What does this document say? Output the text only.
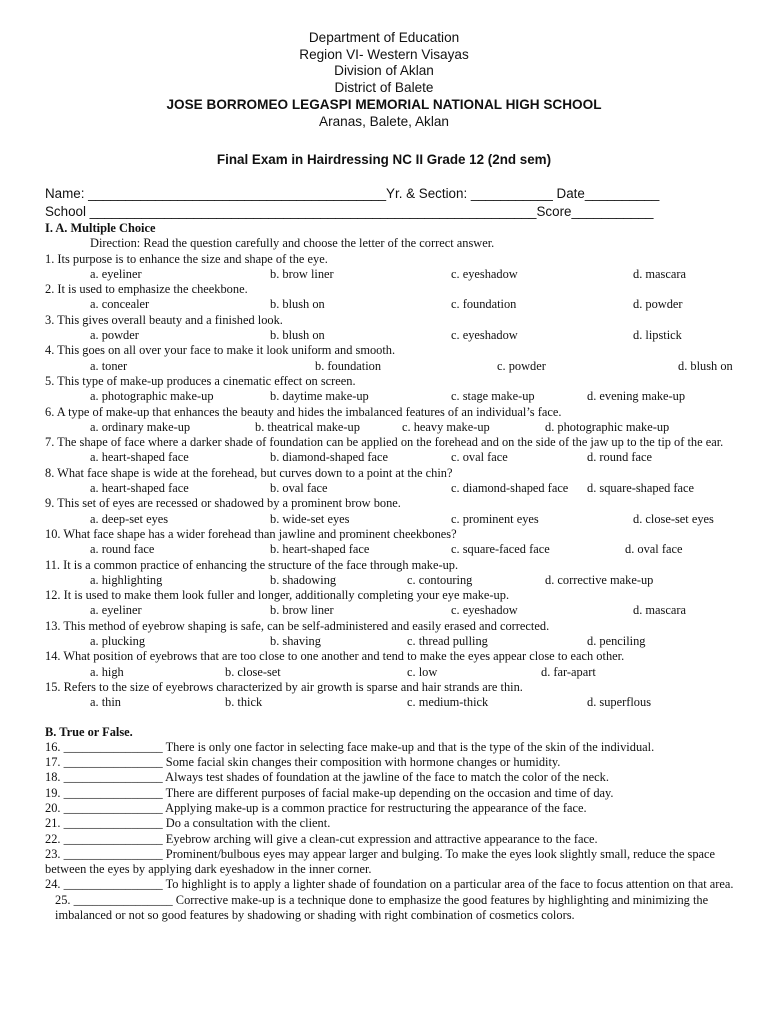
Department of Education
Region VI- Western Visayas
Division of Aklan
District of Balete
JOSE BORROMEO LEGASPI MEMORIAL NATIONAL HIGH SCHOOL
Aranas, Balete, Aklan
Final Exam in Hairdressing NC II Grade 12 (2nd sem)
Name: ________________________________________Yr. & Section: ___________ Date__________
School ____________________________________________________________Score___________
I. A. Multiple Choice
Direction: Read the question carefully and choose the letter of the correct answer.
1. Its purpose is to enhance the size and shape of the eye.
a. eyeliner	b. brow liner	c. eyeshadow	d. mascara
2. It is used to emphasize the cheekbone.
a. concealer	b. blush on	c. foundation	d. powder
3. This gives overall beauty and a finished look.
a. powder	b. blush on	c. eyeshadow	d. lipstick
4. This goes on all over your face to make it look uniform and smooth.
a. toner	b. foundation	c. powder	d. blush on
5. This type of make-up produces a cinematic effect on screen.
a. photographic make-up	b. daytime make-up	c. stage make-up	d. evening make-up
6. A type of make-up that enhances the beauty and hides the imbalanced features of an individual’s face.
a. ordinary make-up	b. theatrical make-up	c. heavy make-up	d. photographic make-up
7. The shape of face where a darker shade of foundation can be applied on the forehead and on the side of the jaw up to the tip of the ear.
a. heart-shaped face	b. diamond-shaped face	c. oval face	d. round face
8. What face shape is wide at the forehead, but curves down to a point at the chin?
a. heart-shaped face	b. oval face	c. diamond-shaped face d. square-shaped face
9. This set of eyes are recessed or shadowed by a prominent brow bone.
a. deep-set eyes	b. wide-set eyes	c. prominent eyes	d. close-set eyes
10. What face shape has a wider forehead than jawline and prominent cheekbones?
a. round face	b. heart-shaped face	c. square-faced face	d. oval face
11. It is a common practice of enhancing the structure of the face through make-up.
a. highlighting	b. shadowing	c. contouring	d. corrective make-up
12. It is used to make them look fuller and longer, additionally completing your eye make-up.
a. eyeliner	b. brow liner	c. eyeshadow	d. mascara
13. This method of eyebrow shaping is safe, can be self-administered and easily erased and corrected.
a. plucking	b. shaving	c. thread pulling	d. penciling
14. What position of eyebrows that are too close to one another and tend to make the eyes appear close to each other.
a. high	b. close-set	c. low	d. far-apart
15. Refers to the size of eyebrows characterized by air growth is sparse and hair strands are thin.
a. thin	b. thick	c. medium-thick	d. superflous
B. True or False.
16. ________________ There is only one factor in selecting face make-up and that is the type of the skin of the individual.
17. ________________ Some facial skin changes their composition with hormone changes or humidity.
18. ________________ Always test shades of foundation at the jawline of the face to match the color of the neck.
19. ________________ There are different purposes of facial make-up depending on the occasion and time of day.
20. ________________ Applying make-up is a common practice for restructuring the appearance of the face.
21. ________________ Do a consultation with the client.
22. ________________ Eyebrow arching will give a clean-cut expression and attractive appearance to the face.
23. ________________ Prominent/bulbous eyes may appear larger and bulging. To make the eyes look slightly small, reduce the space between the eyes by applying dark eyeshadow in the inner corner.
24. ________________ To highlight is to apply a lighter shade of foundation on a particular area of the face to focus attention on that area.
25. ________________ Corrective make-up is a technique done to emphasize the good features by highlighting and minimizing the imbalanced or not so good features by shadowing or shading with right combination of cosmetics colors.
